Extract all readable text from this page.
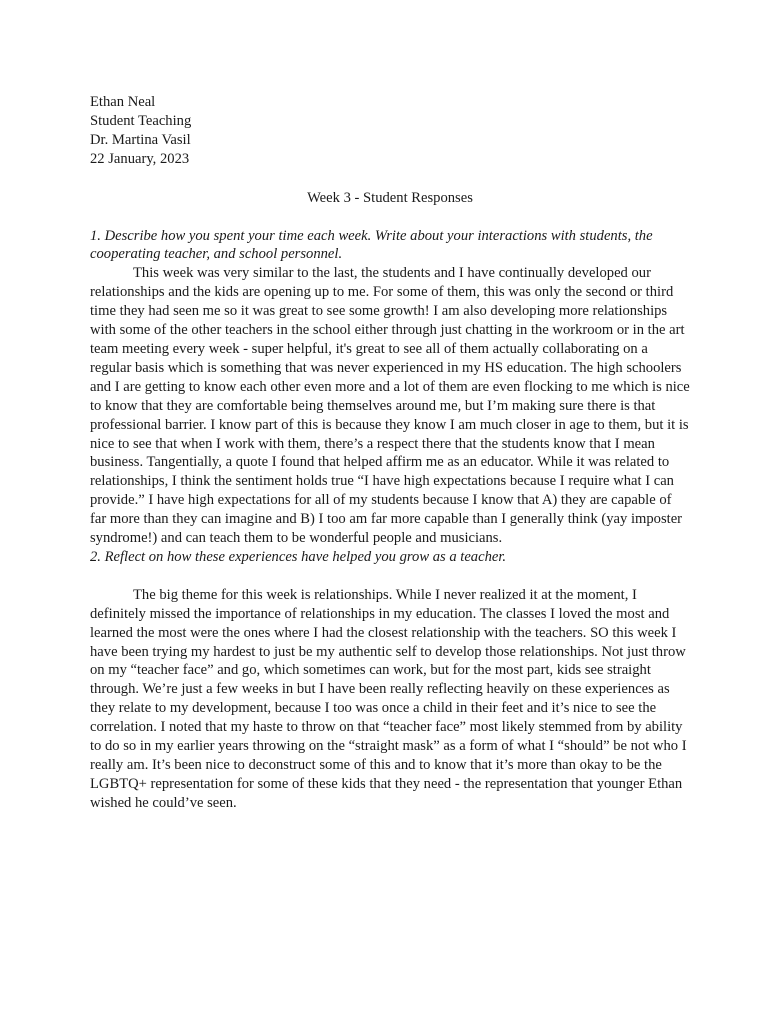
Ethan Neal
Student Teaching
Dr. Martina Vasil
22 January, 2023
Week 3 - Student Responses
1. Describe how you spent your time each week. Write about your interactions with students, the cooperating teacher, and school personnel.

This week was very similar to the last, the students and I have continually developed our relationships and the kids are opening up to me. For some of them, this was only the second or third time they had seen me so it was great to see some growth! I am also developing more relationships with some of the other teachers in the school either through just chatting in the workroom or in the art team meeting every week - super helpful, it's great to see all of them actually collaborating on a regular basis which is something that was never experienced in my HS education. The high schoolers and I are getting to know each other even more and a lot of them are even flocking to me which is nice to know that they are comfortable being themselves around me, but I’m making sure there is that professional barrier. I know part of this is because they know I am much closer in age to them, but it is nice to see that when I work with them, there’s a respect there that the students know that I mean business. Tangentially, a quote I found that helped affirm me as an educator. While it was related to relationships, I think the sentiment holds true “I have high expectations because I require what I can provide.” I have high expectations for all of my students because I know that A) they are capable of far more than they can imagine and B) I too am far more capable than I generally think (yay imposter syndrome!) and can teach them to be wonderful people and musicians.

2. Reflect on how these experiences have helped you grow as a teacher.

The big theme for this week is relationships. While I never realized it at the moment, I definitely missed the importance of relationships in my education. The classes I loved the most and learned the most were the ones where I had the closest relationship with the teachers. SO this week I have been trying my hardest to just be my authentic self to develop those relationships. Not just throw on my “teacher face” and go, which sometimes can work, but for the most part, kids see straight through. We’re just a few weeks in but I have been really reflecting heavily on these experiences as they relate to my development, because I too was once a child in their feet and it’s nice to see the correlation. I noted that my haste to throw on that “teacher face” most likely stemmed from by ability to do so in my earlier years throwing on the “straight mask” as a form of what I “should” be not who I really am. It’s been nice to deconstruct some of this and to know that it’s more than okay to be the LGBTQ+ representation for some of these kids that they need - the representation that younger Ethan wished he could’ve seen.
